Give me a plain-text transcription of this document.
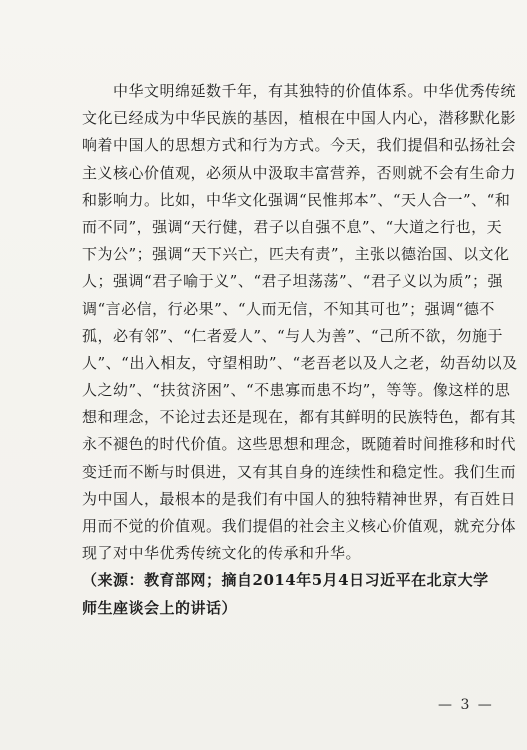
　　中华文明绵延数千年，有其独特的价值体系。中华优秀传统
文化已经成为中华民族的基因，植根在中国人内心，潜移默化影
响着中国人的思想方式和行为方式。今天，我们提倡和弘扬社会
主义核心价值观，必须从中汲取丰富营养，否则就不会有生命力
和影响力。比如，中华文化强调“民惟邦本”、“天人合一”、“和
而不同”，强调“天行健，君子以自强不息”、“大道之行也，天
下为公”；强调“天下兴亡，匹夫有责”，主张以德治国、以文化
人；强调“君子喻于义”、“君子坦荡荡”、“君子义以为质”；强
调“言必信，行必果”、“人而无信，不知其可也”；强调“德不
孤，必有邻”、“仁者爱人”、“与人为善”、“己所不欲，勿施于
人”、“出入相友，守望相助”、“老吾老以及人之老，幼吾幼以及
人之幼”、“扶贫济困”、“不患寡而患不均”，等等。像这样的思
想和理念，不论过去还是现在，都有其鲜明的民族特色，都有其
永不褪色的时代价值。这些思想和理念，既随着时间推移和时代
变迁而不断与时俱进，又有其自身的连续性和稳定性。我们生而
为中国人，最根本的是我们有中国人的独特精神世界，有百姓日
用而不觉的价值观。我们提倡的社会主义核心价值观，就充分体
现了对中华优秀传统文化的传承和升华。
（来源：教育部网；摘自2014年5月4日习近平在北京大学
师生座谈会上的讲话）
— 3 —
